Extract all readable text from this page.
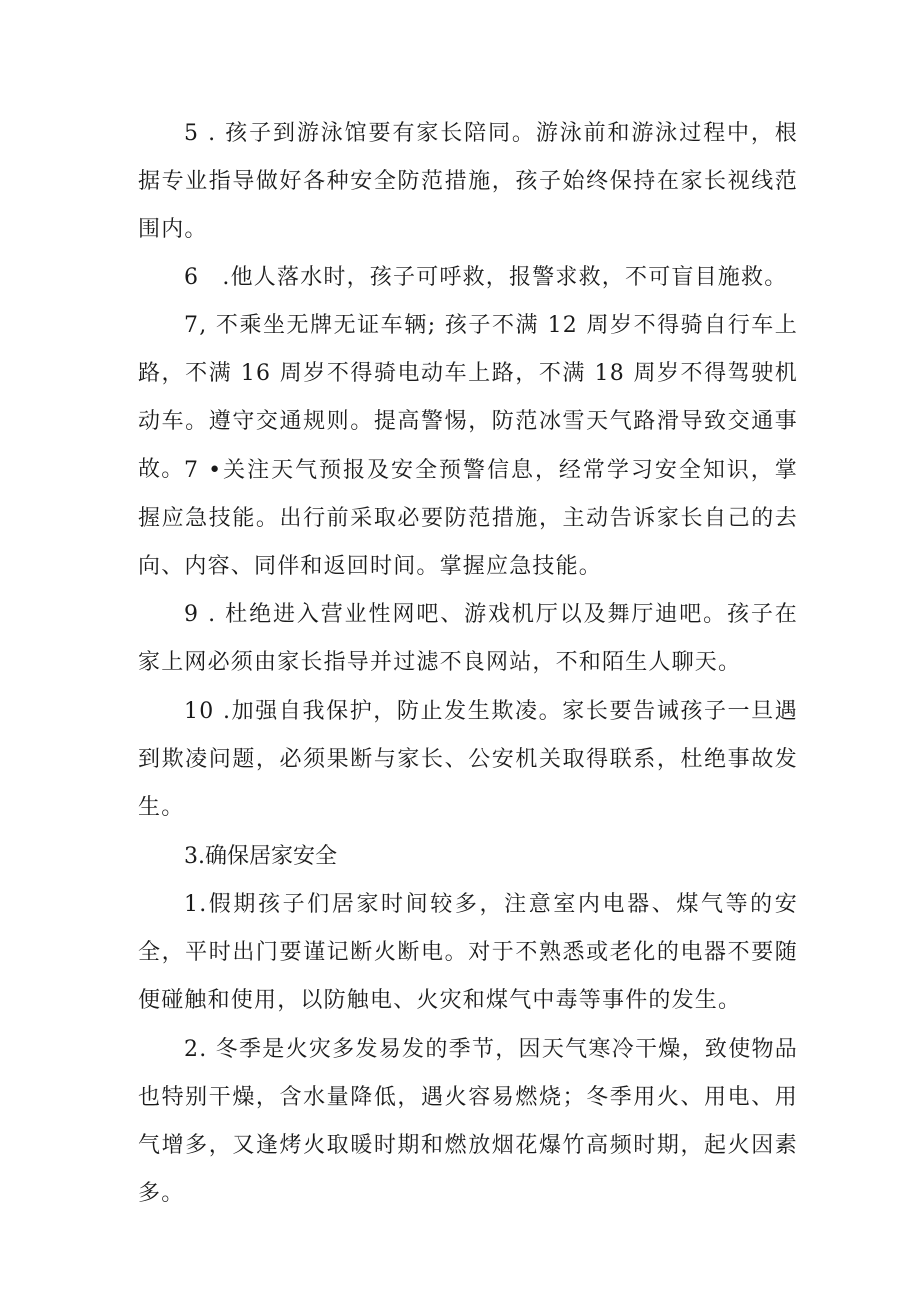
5 . 孩子到游泳馆要有家长陪同。游泳前和游泳过程中，根据专业指导做好各种安全防范措施，孩子始终保持在家长视线范围内。

6　.他人落水时，孩子可呼救，报警求救，不可盲目施救。

7, 不乘坐无牌无证车辆; 孩子不满 12 周岁不得骑自行车上路，不满 16 周岁不得骑电动车上路，不满 18 周岁不得驾驶机动车。遵守交通规则。提高警惕，防范冰雪天气路滑导致交通事故。 7 •关注天气预报及安全预警信息，经常学习安全知识，掌握应急技能。出行前采取必要防范措施，主动告诉家长自己的去向、内容、同伴和返回时间。掌握应急技能。

9 . 杜绝进入营业性网吧、游戏机厅以及舞厅迪吧。孩子在家上网必须由家长指导并过滤不良网站，不和陌生人聊天。

10 .加强自我保护，防止发生欺凌。家长要告诫孩子一旦遇到欺凌问题，必须果断与家长、公安机关取得联系，杜绝事故发生。

3.确保居家安全

1.假期孩子们居家时间较多，注意室内电器、煤气等的安全，平时出门要谨记断火断电。对于不熟悉或老化的电器不要随便碰触和使用，以防触电、火灾和煤气中毒等事件的发生。

2. 冬季是火灾多发易发的季节，因天气寒冷干燥，致使物品也特别干燥，含水量降低，遇火容易燃烧；冬季用火、用电、用气增多，又逢烤火取暖时期和燃放烟花爆竹高频时期，起火因素多。
